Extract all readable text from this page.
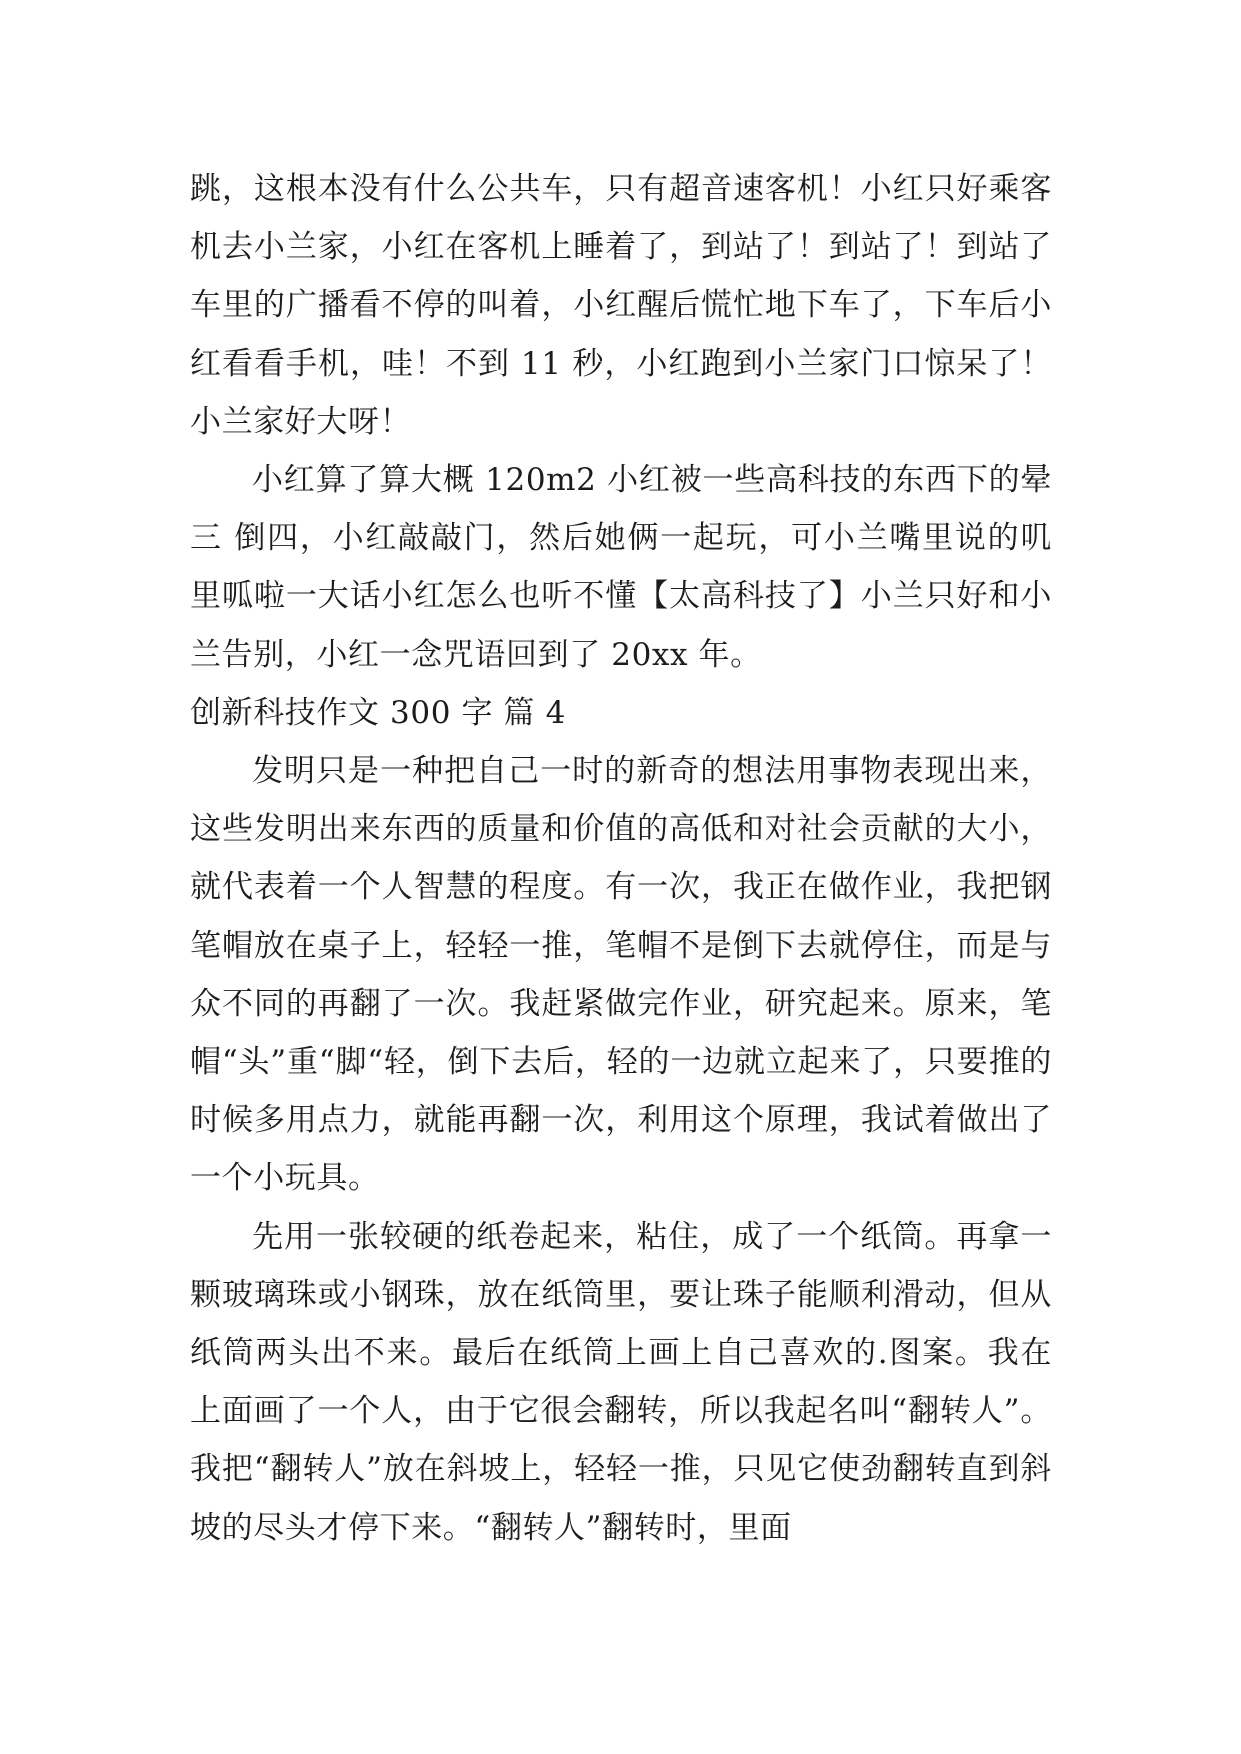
跳，这根本没有什么公共车，只有超音速客机！小红只好乘客机去小兰家，小红在客机上睡着了，到站了！到站了！到站了车里的广播看不停的叫着，小红醒后慌忙地下车了，下车后小红看看手机，哇！不到 11 秒，小红跑到小兰家门口惊呆了！小兰家好大呀！

小红算了算大概 120m2 小红被一些高科技的东西下的晕三 倒四，小红敲敲门，然后她俩一起玩，可小兰嘴里说的叽里呱啦一大话小红怎么也听不懂【太高科技了】小兰只好和小兰告别，小红一念咒语回到了 20xx 年。

创新科技作文 300 字 篇 4

发明只是一种把自己一时的新奇的想法用事物表现出来，这些发明出来东西的质量和价值的高低和对社会贡献的大小，就代表着一个人智慧的程度。有一次，我正在做作业，我把钢笔帽放在桌子上，轻轻一推，笔帽不是倒下去就停住，而是与众不同的再翻了一次。我赶紧做完作业，研究起来。原来，笔帽“头”重“脚“轻，倒下去后，轻的一边就立起来了，只要推的时候多用点力，就能再翻一次，利用这个原理，我试着做出了一个小玩具。

先用一张较硬的纸卷起来，粘住，成了一个纸筒。再拿一颗玻璃珠或小钢珠，放在纸筒里，要让珠子能顺利滑动，但从纸筒两头出不来。最后在纸筒上画上自己喜欢的.图案。我在上面画了一个人，由于它很会翻转，所以我起名叫“翻转人”。我把“翻转人”放在斜坡上，轻轻一推，只见它使劲翻转直到斜坡的尽头才停下来。“翻转人”翻转时，里面
